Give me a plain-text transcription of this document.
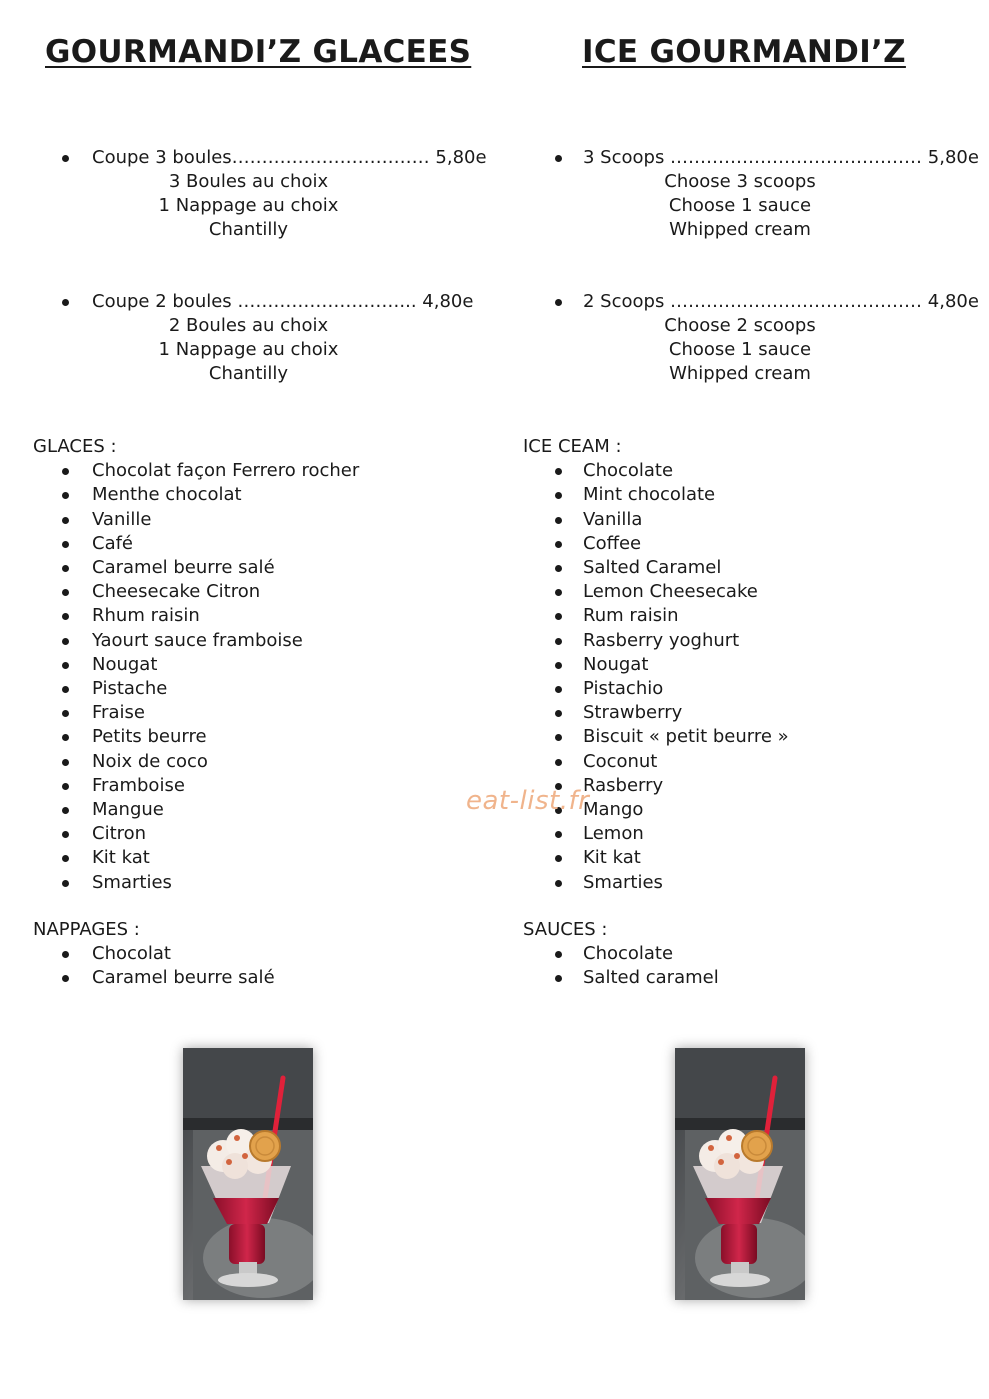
GOURMANDI’Z GLACEES
Coupe 3 boules…………………………… 5,80e
3 Boules au choix
1 Nappage au choix
Chantilly
Coupe 2 boules ………………………... 4,80e
2 Boules au choix
1 Nappage au choix
Chantilly
GLACES :
Chocolat façon Ferrero rocher
Menthe chocolat
Vanille
Café
Caramel beurre salé
Cheesecake Citron
Rhum raisin
Yaourt sauce framboise
Nougat
Pistache
Fraise
Petits beurre
Noix de coco
Framboise
Mangue
Citron
Kit kat
Smarties
NAPPAGES :
Chocolat
Caramel beurre salé
ICE GOURMANDI’Z
3 Scoops …………………………………… 5,80e
Choose 3 scoops
Choose 1 sauce
Whipped cream
2 Scoops …………………………………… 4,80e
Choose 2 scoops
Choose 1 sauce
Whipped cream
ICE CEAM :
Chocolate
Mint chocolate
Vanilla
Coffee
Salted Caramel
Lemon Cheesecake
Rum raisin
Rasberry yoghurt
Nougat
Pistachio
Strawberry
Biscuit « petit beurre »
Coconut
Rasberry
Mango
Lemon
Kit kat
Smarties
SAUCES :
Chocolate
Salted caramel
eat-list.fr
